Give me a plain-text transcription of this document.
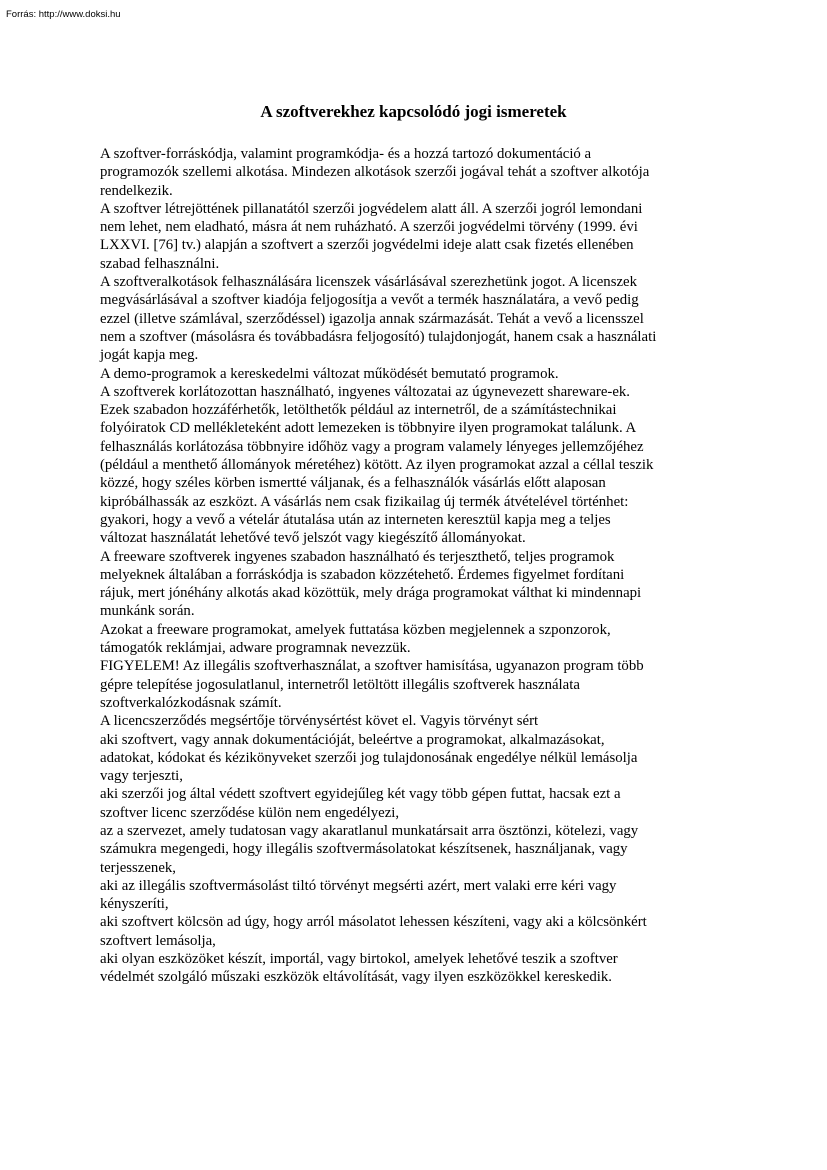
Forrás: http://www.doksi.hu
A szoftverekhez kapcsolódó jogi ismeretek
A szoftver-forráskódja, valamint programkódja- és a hozzá tartozó dokumentáció a
programozók szellemi alkotása. Mindezen alkotások szerzői jogával tehát a szoftver alkotója
rendelkezik.
A szoftver létrejöttének pillanatától szerzői jogvédelem alatt áll. A szerzői jogról lemondani
nem lehet, nem eladható, másra át nem ruházható. A szerzői jogvédelmi törvény (1999. évi
LXXVI. [76] tv.) alapján a szoftvert a szerzői jogvédelmi ideje alatt csak fizetés ellenében
szabad felhasználni.
A szoftveralkotások felhasználására licenszek vásárlásával szerezhetünk jogot. A licenszek
megvásárlásával a szoftver kiadója feljogosítja a vevőt a termék használatára, a vevő pedig
ezzel (illetve számlával, szerződéssel) igazolja annak származását. Tehát a vevő a licensszel
nem a szoftver (másolásra és továbbadásra feljogosító) tulajdonjogát, hanem csak a használati
jogát kapja meg.
A demo-programok a kereskedelmi változat működését bemutató programok.
A szoftverek korlátozottan használható, ingyenes változatai az úgynevezett shareware-ek.
Ezek szabadon hozzáférhetők, letölthetők például az internetről, de a számítástechnikai
folyóiratok CD mellékleteként adott lemezeken is többnyire ilyen programokat találunk. A
felhasználás korlátozása többnyire időhöz vagy a program valamely lényeges jellemzőjéhez
(például a menthető állományok méretéhez) kötött. Az ilyen programokat azzal a céllal teszik
közzé, hogy széles körben ismertté váljanak, és a felhasználók vásárlás előtt alaposan
kipróbálhassák az eszközt. A vásárlás nem csak fizikailag új termék átvételével történhet:
gyakori, hogy a vevő a vételár átutalása után az interneten keresztül kapja meg a teljes
változat használatát lehetővé tevő jelszót vagy kiegészítő állományokat.
A freeware szoftverek ingyenes szabadon használható és terjeszthető, teljes programok
melyeknek általában a forráskódja is szabadon közzétehető. Érdemes figyelmet fordítani
rájuk, mert jónéhány alkotás akad közöttük, mely drága programokat válthat ki mindennapi
munkánk során.
Azokat a freeware programokat, amelyek futtatása közben megjelennek a szponzorok,
támogatók reklámjai, adware programnak nevezzük.
FIGYELEM! Az illegális szoftverhasználat, a szoftver hamisítása, ugyanazon program több
gépre telepítése jogosulatlanul, internetről letöltött illegális szoftverek használata
szoftverkalózkodásnak számít.
A licencszerződés megsértője törvénysértést követ el. Vagyis törvényt sért
aki szoftvert, vagy annak dokumentációját, beleértve a programokat, alkalmazásokat,
adatokat, kódokat és kézikönyveket szerzői jog tulajdonosának engedélye nélkül lemásolja
vagy terjeszti,
aki szerzői jog által védett szoftvert egyidejűleg két vagy több gépen futtat, hacsak ezt a
szoftver licenc szerződése külön nem engedélyezi,
az a szervezet, amely tudatosan vagy akaratlanul munkatársait arra ösztönzi, kötelezi, vagy
számukra megengedi, hogy illegális szoftvermásolatokat készítsenek, használjanak, vagy
terjesszenek,
aki az illegális szoftvermásolást tiltó törvényt megsérti azért, mert valaki erre kéri vagy
kényszeríti,
aki szoftvert kölcsön ad úgy, hogy arról másolatot lehessen készíteni, vagy aki a kölcsönkért
szoftvert lemásolja,
aki olyan eszközöket készít, importál, vagy birtokol, amelyek lehetővé teszik a szoftver
védelmét szolgáló műszaki eszközök eltávolítását, vagy ilyen eszközökkel kereskedik.
